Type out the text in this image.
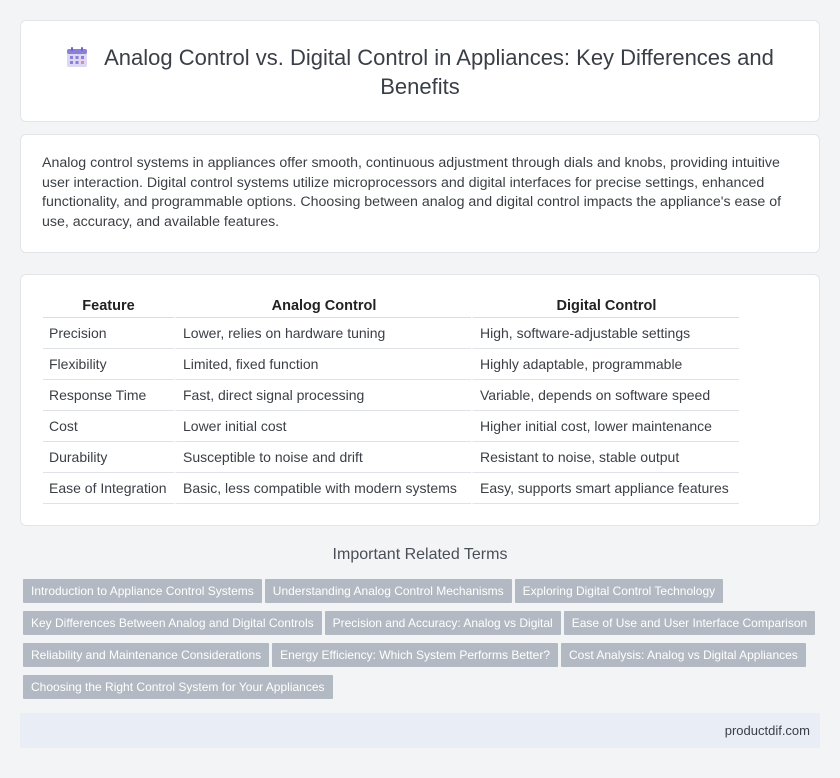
Analog Control vs. Digital Control in Appliances: Key Differences and Benefits

Analog control systems in appliances offer smooth, continuous adjustment through dials and knobs, providing intuitive user interaction. Digital control systems utilize microprocessors and digital interfaces for precise settings, enhanced functionality, and programmable options. Choosing between analog and digital control impacts the appliance's ease of use, accuracy, and available features.

Feature	Analog Control	Digital Control
Precision	Lower, relies on hardware tuning	High, software-adjustable settings
Flexibility	Limited, fixed function	Highly adaptable, programmable
Response Time	Fast, direct signal processing	Variable, depends on software speed
Cost	Lower initial cost	Higher initial cost, lower maintenance
Durability	Susceptible to noise and drift	Resistant to noise, stable output
Ease of Integration	Basic, less compatible with modern systems	Easy, supports smart appliance features
Important Related Terms
Introduction to Appliance Control Systems Understanding Analog Control Mechanisms Exploring Digital Control Technology
Key Differences Between Analog and Digital Controls Precision and Accuracy: Analog vs Digital Ease of Use and User Interface Comparison
Reliability and Maintenance Considerations Energy Efficiency: Which System Performs Better? Cost Analysis: Analog vs Digital Appliances
Choosing the Right Control System for Your Appliances
productdif.com
